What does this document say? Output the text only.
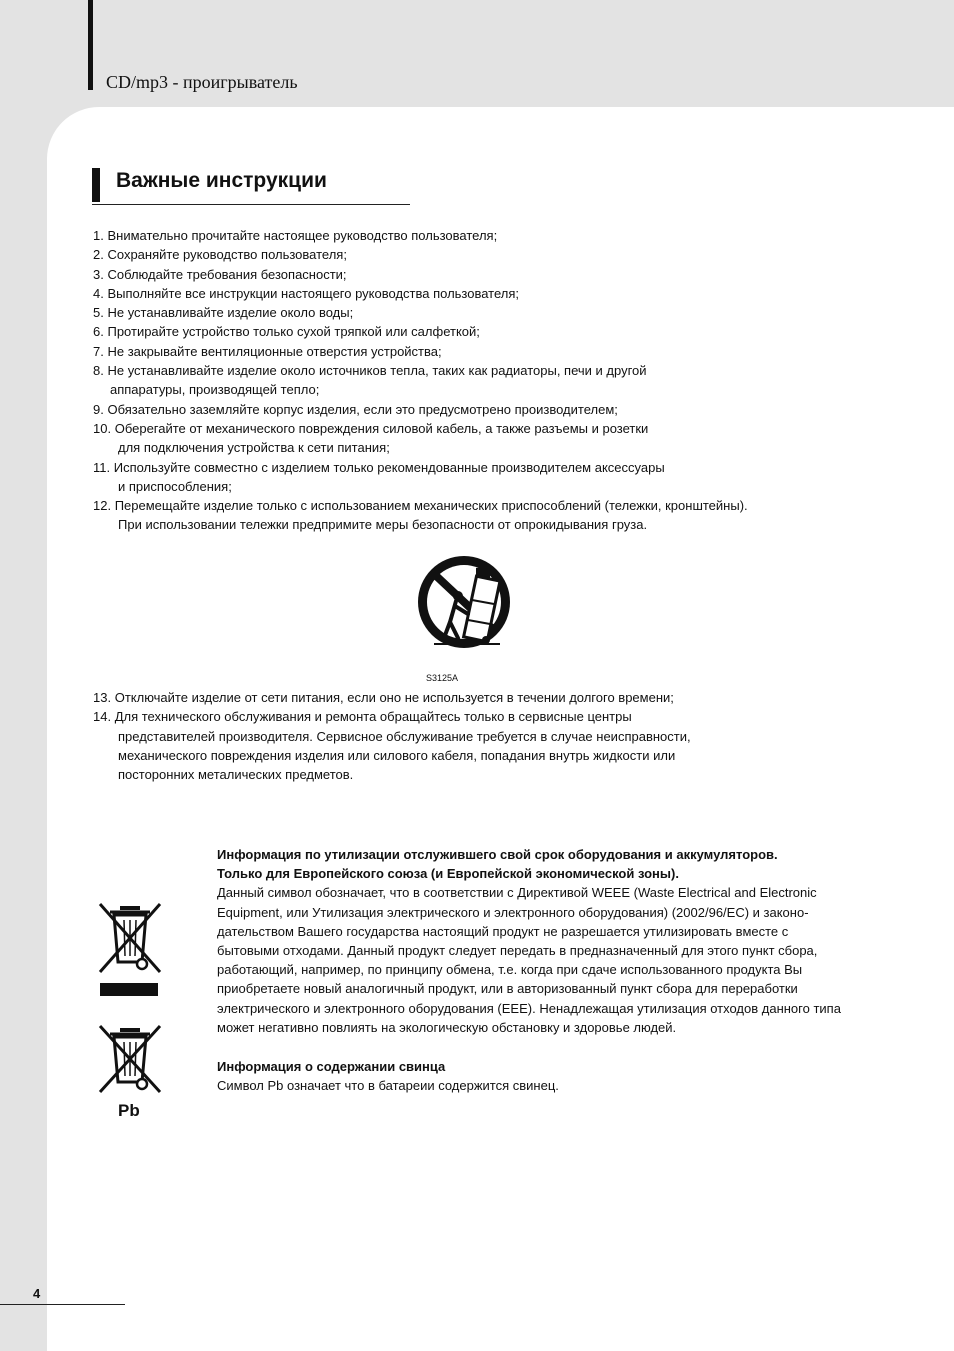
CD/mp3 - проигрыватель
Важные инструкции
1. Внимательно прочитайте настоящее руководство пользователя;
2. Сохраняйте руководство пользователя;
3. Соблюдайте требования безопасности;
4. Выполняйте все инструкции настоящего руководства пользователя;
5. Не устанавливайте изделие около воды;
6. Протирайте устройство только сухой тряпкой или салфеткой;
7. Не закрывайте вентиляционные отверстия устройства;
8. Не устанавливайте изделие около источников тепла, таких как радиаторы, печи и другой
аппаратуры, производящей тепло;
9. Обязательно заземляйте корпус изделия, если это предусмотрено производителем;
10. Оберегайте от механического повреждения силовой кабель, а также разъемы и розетки
для подключения устройства к сети питания;
11. Используйте совместно с изделием только рекомендованные производителем аксессуары
и приспособления;
12. Перемещайте изделие только с использованием механических приспособлений (тележки, кронштейны).
При использовании тележки предпримите меры безопасности от опрокидывания груза.
S3125A
13. Отключайте изделие от сети питания, если оно не используется в течении долгого времени;
14. Для технического обслуживания и ремонта обращайтесь только в сервисные центры
представителей производителя. Сервисное обслуживание требуется в случае неисправности,
механического повреждения изделия или силового кабеля, попадания внутрь жидкости или
посторонних металических предметов.
Pb

Информация по утилизации отслужившего свой срок оборудования и аккумуляторов.

Только для Европейского союза (и Европейской экономической зоны).

Данный символ обозначает, что в соответствии с Директивой WEEE (Waste Electrical and Electronic

Equipment, или Утилизация электрического и электронного оборудования) (2002/96/EC) и законо-

дательством Вашего государства настоящий продукт не разрешается утилизировать вместе с

бытовыми отходами. Данный продукт следует передать в предназначенный для этого пункт сбора,

работающий, например, по принципу обмена, т.е. когда при сдаче использованного продукта Вы

приобретаете новый аналогичный продукт, или в авторизованный пункт сбора для переработки

электрического и электронного оборудования (EEE). Ненадлежащая утилизация отходов данного типа

может негативно повлиять на экологическую обстановку и здоровье людей.

Информация о содержании свинца

Символ Pb означает что в батареии содержится свинец.

4
